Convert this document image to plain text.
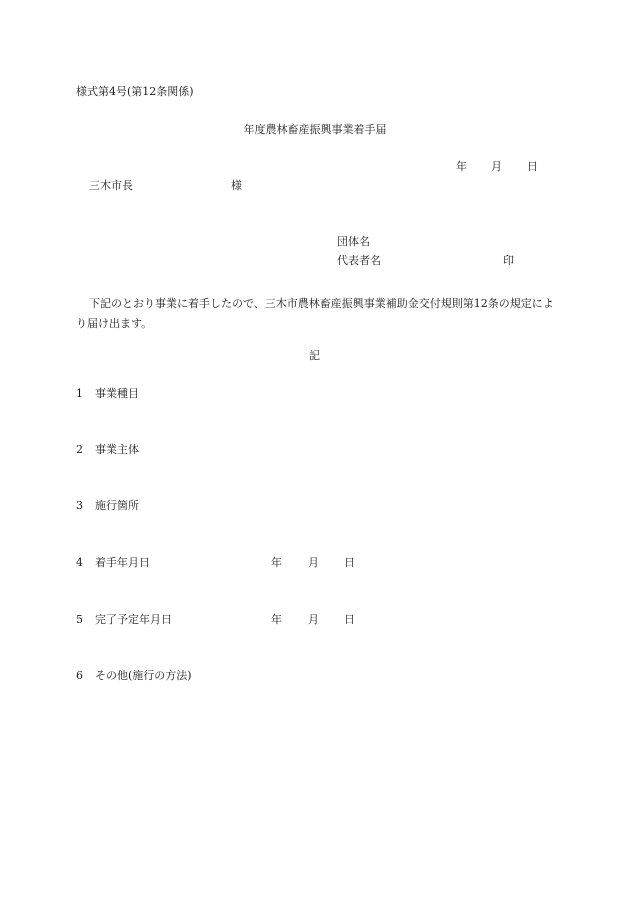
様式第4号(第12条関係)
年度農林畜産振興事業着手届
年 月 日
三木市長	様
団体名
代表者名	印
下記のとおり事業に着手したので、三木市農林畜産振興事業補助金交付規則第12条の規定により届け出ます。
記
1 事業種目
2 事業主体
3 施行箇所
4 着手年月日	年 月 日
5 完了予定年月日	年 月 日
6 その他(施行の方法)
